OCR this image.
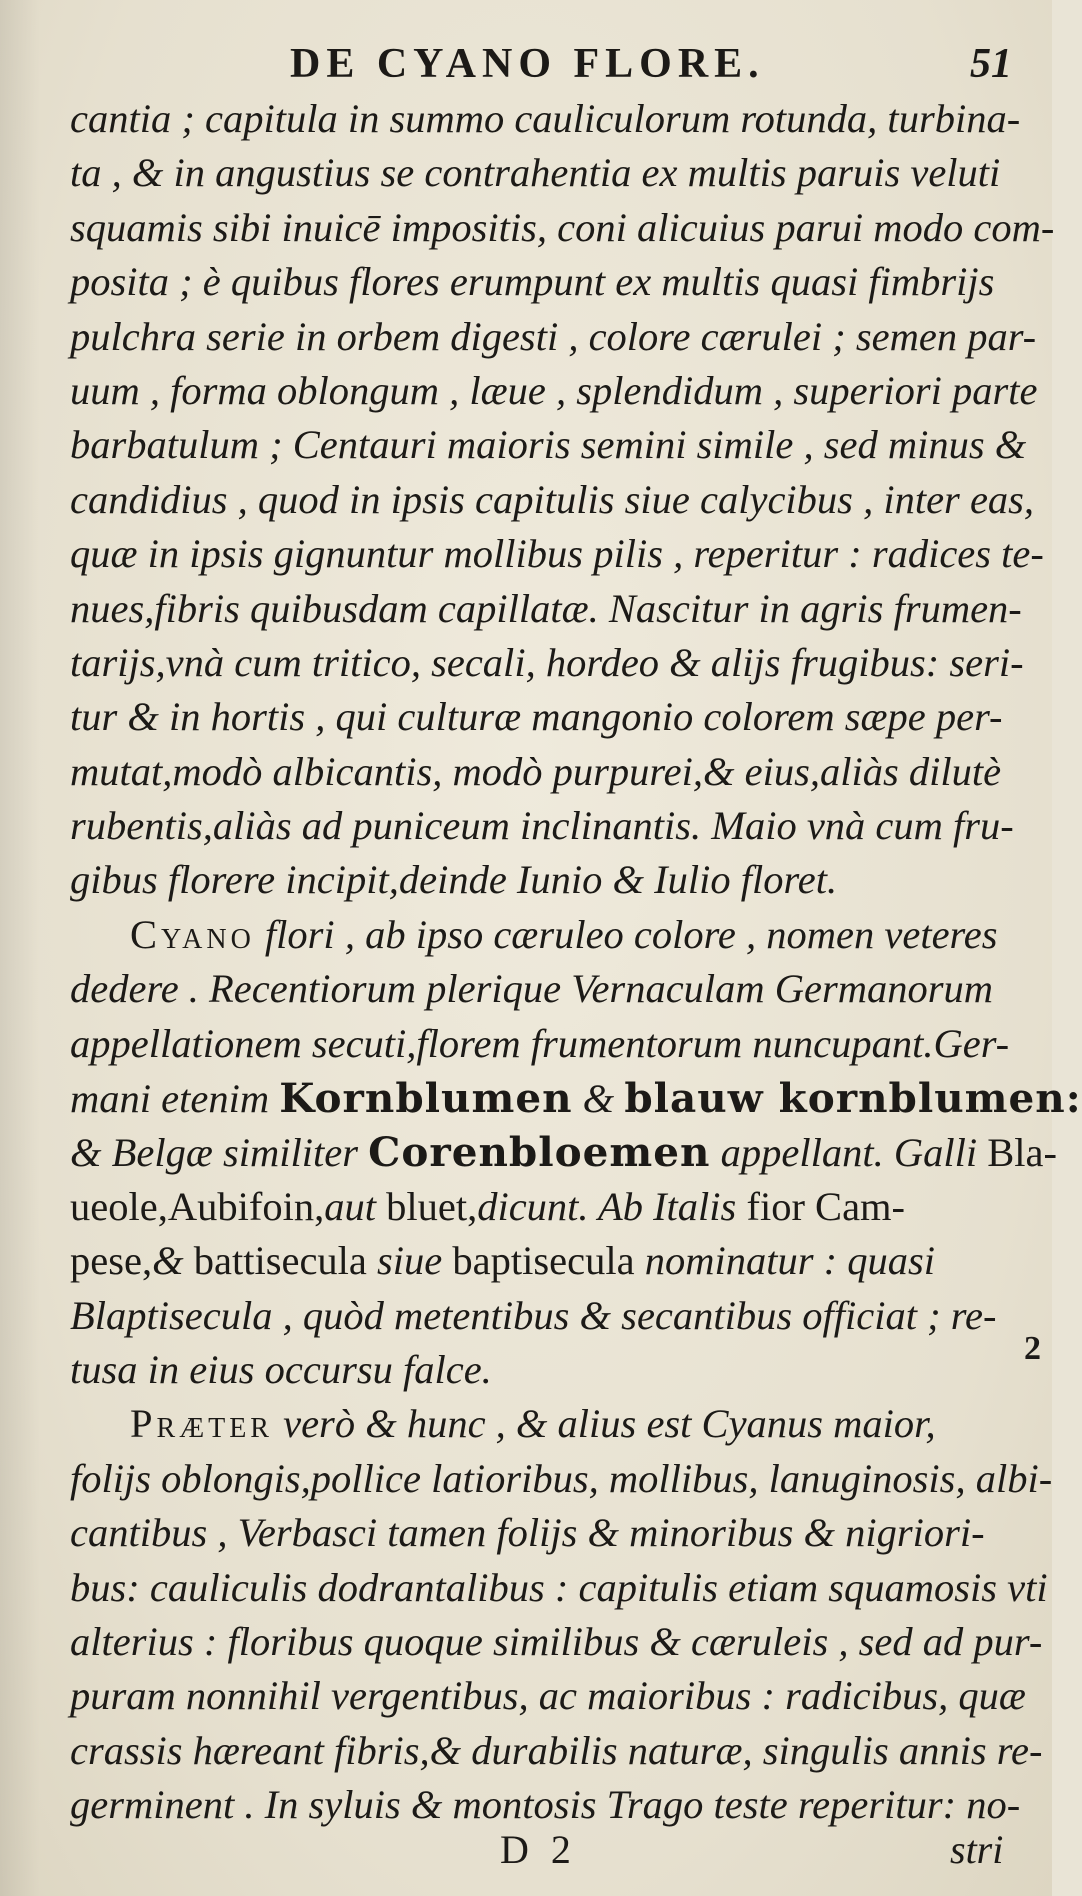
DE CYANO FLORE.	51
cantia ; capitula in summo cauliculorum rotunda, turbina-
ta , & in angustius se contrahentia ex multis paruis veluti
squamis sibi inuicē impositis, coni alicuius parui modo com-
posita ; è quibus flores erumpunt ex multis quasi fimbrijs
pulchra serie in orbem digesti , colore cærulei ; semen par-
uum , forma oblongum , læue , splendidum , superiori parte
barbatulum ; Centauri maioris semini simile , sed minus &
candidius , quod in ipsis capitulis siue calycibus , inter eas,
quæ in ipsis gignuntur mollibus pilis , reperitur : radices te-
nues,fibris quibusdam capillatæ. Nascitur in agris frumen-
tarijs,vnà cum tritico, secali, hordeo & alijs frugibus: seri-
tur & in hortis , qui culturæ mangonio colorem sæpe per-
mutat,modò albicantis, modò purpurei,& eius,aliàs dilutè
rubentis,aliàs ad puniceum inclinantis. Maio vnà cum fru-
gibus florere incipit,deinde Iunio & Iulio floret.
Cyano flori , ab ipso cæruleo colore , nomen veteres
dedere . Recentiorum plerique Vernaculam Germanorum
appellationem secuti,florem frumentorum nuncupant.Ger-
mani etenim Kornblumen & blauw kornblumen:
& Belgæ similiter Corenbloemen appellant. Galli Bla-
ueole,Aubifoin,aut bluet,dicunt. Ab Italis fior Cam-
pese,& battisecula siue baptisecula nominatur : quasi
Blaptisecula , quòd metentibus & secantibus officiat ; re-
tusa in eius occursu falce.
Præter verò & hunc , & alius est Cyanus maior,
folijs oblongis,pollice latioribus, mollibus, lanuginosis, albi-
cantibus , Verbasci tamen folijs & minoribus & nigriori-
bus: cauliculis dodrantalibus : capitulis etiam squamosis vti
alterius : floribus quoque similibus & cæruleis , sed ad pur-
puram nonnihil vergentibus, ac maioribus : radicibus, quæ
crassis hæreant fibris,& durabilis naturæ, singulis annis re-
germinent . In syluis & montosis Trago teste reperitur: no-
2
D 2	stri
